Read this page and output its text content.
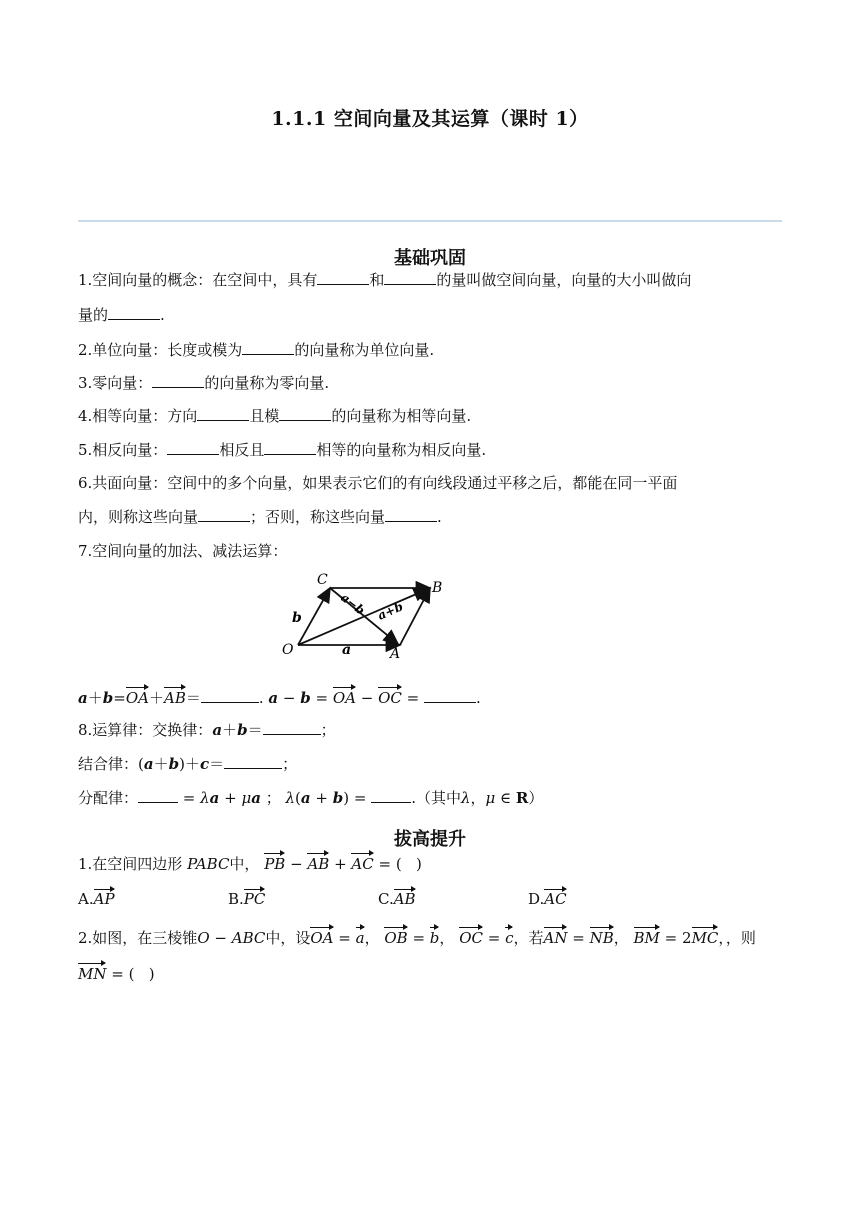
1.1.1 空间向量及其运算（课时 1）
基础巩固
1.空间向量的概念：在空间中，具有	和	的量叫做空间向量，向量的大小叫做向
量的	.
2.单位向量：长度或模为	的向量称为单位向量.
3.零向量：	的向量称为零向量.
4.相等向量：方向	且模	的向量称为相等向量.
5.相反向量：	相反且	相等的向量称为相反向量.
6.共面向量：空间中的多个向量，如果表示它们的有向线段通过平移之后，都能在同一平面
内，则称这些向量	；否则，称这些向量	.
7.空间向量的加法、减法运算：
C	B
O	A
a
b
a−b a+b
a＋b=OA＋AB＝	. a − b = OA − OC =	.
8.运算律：交换律：a＋b＝	；
结合律：(a＋b)＋c＝	；
分配律：	= λa + μa ； λ(a + b) =	.（其中λ，μ ∈ R）
拔高提升
1.在空间四边形 PABC中， PB − AB + AC = (   )
A.AP	B.PC	C.AB	D.AC
2.如图，在三棱锥O − ABC中，设OA = a， OB = b， OC = c，若AN = NB， BM = 2MC，，则
MN = (   )
